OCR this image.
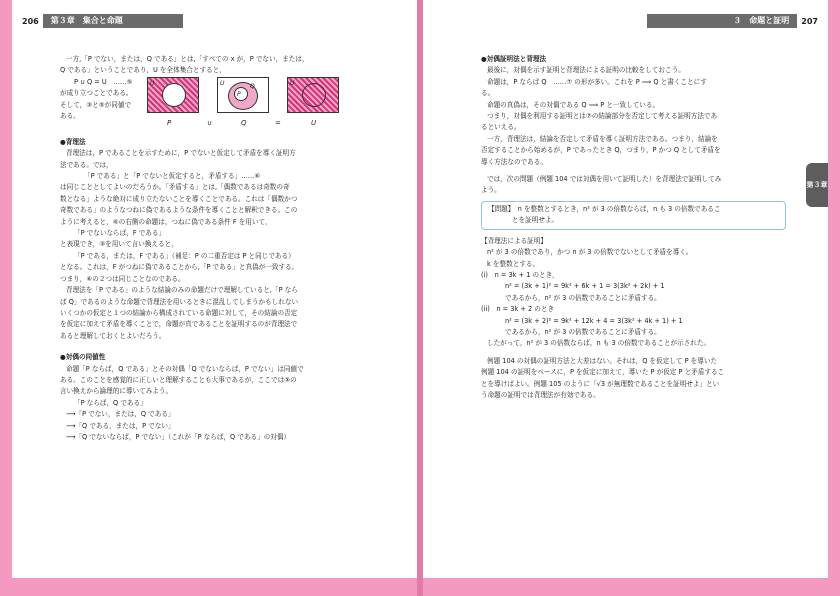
206	第３章　集合と命題
一方,「P でない，または，Q である」とは,「すべての x が，P でない，または，
Q である」ということであり，U を全体集合とすると，
P ∪ Q = U　……⑤
が成り立つことである。
そして，③と⑤が同値で
ある。
U	U
P
Q	U
P	∪	Q	=	U
●背理法
背理法は，P であることを示すために，P でないと仮定して矛盾を導く証明方
法である。では，
「P である」と「P でないと仮定すると，矛盾する」……⑥
は同じこととしてよいのだろうか。「矛盾する」とは,「偶数であるは奇数の奇
数となる」ような絶対に成り立たないことを導くことである。これは「偶数かつ
奇数である」のようなつねに偽であるような条件を導くことと解釈できる。この
ように考えると，⑥の右側の命題は，つねに偽である条件 F を用いて，
「P でないならば，F である」
と表現でき，③を用いて言い換えると，
「P である，または，F である」（補足：P の二重否定は P と同じである）
となる。これは，F がつねに偽であることから,「P である」と真偽が一致する。
つまり，⑥の２つは同じことなのである。
背理法を「P である」のような結論のみの命題だけで理解していると,「P なら
ば Q」であるのような命題で背理法を用いるときに混乱してしまうかもしれない
いくつかの仮定と１つの結論から構成されている命題に対して，その結論の否定
を仮定に加えて矛盾を導くことで，命題が真であることを証明するのが背理法で
あると理解しておくとよいだろう。
●対偶の同値性
命題「P ならば，Q である」とその対偶「Q でないならば，P でない」は同値で
ある。このことを感覚的に正しいと理解することも大事であるが，ここでは③の
言い換えから論理的に導いてみよう。
「P ならば，Q である」
⟶「P でない，または，Q である」
⟶「Q である，または，P でない」
⟶「Q でないならば，P でない」（これが「P ならば，Q である」の対偶）
３　命題と証明	207
第３章
●対偶証明法と背理法
最後に，対偶を示す証明と背理法による証明の比較をしておこう。
命題は，P ならば Q　……⑦ の形が多い。これを P ⟹ Q と書くことにす
る。
命題の真偽は，その対偶である Q ⟹ P と一致している。
つまり，対偶を利用する証明とは⑦の結論部分を否定して考える証明方法であ
るといえる。
一方，背理法は，結論を否定して矛盾を導く証明方法である。つまり，結論を
否定することから始めるが，P であったとき Q，つまり，P かつ Q として矛盾を
導く方法なのである。
では，次の問題（例題 104 では対偶を用いて証明した）を背理法で証明してみ
よう。
【問題】　 n を整数とするとき，n² が 3 の倍数ならば，n も 3 の倍数であるこ
とを証明せよ。
【背理法による証明】
n² が 3 の倍数であり，かつ n が 3 の倍数でないとして矛盾を導く。
k を整数とする。
(i)　n = 3k + 1 のとき，
n² = (3k + 1)² = 9k² + 6k + 1 = 3(3k² + 2k) + 1
であるから，n² が 3 の倍数であることに矛盾する。
(ii)　n = 3k + 2 のとき
n² = (3k + 2)² = 9k² + 12k + 4 = 3(3k² + 4k + 1) + 1
であるから，n² が 3 の倍数であることに矛盾する。
したがって，n² が 3 の倍数ならば，n も 3 の倍数であることが示された。
例題 104 の対偶の証明方法と大差はない。それは，Q を仮定して P を導いた
例題 104 の証明をベースに，P を仮定に加えて，導いた P が仮定 P と矛盾するこ
とを導けばよい。例題 105 のように「√3 が無理数であることを証明せよ」とい
う命題の証明では背理法が有効である。
